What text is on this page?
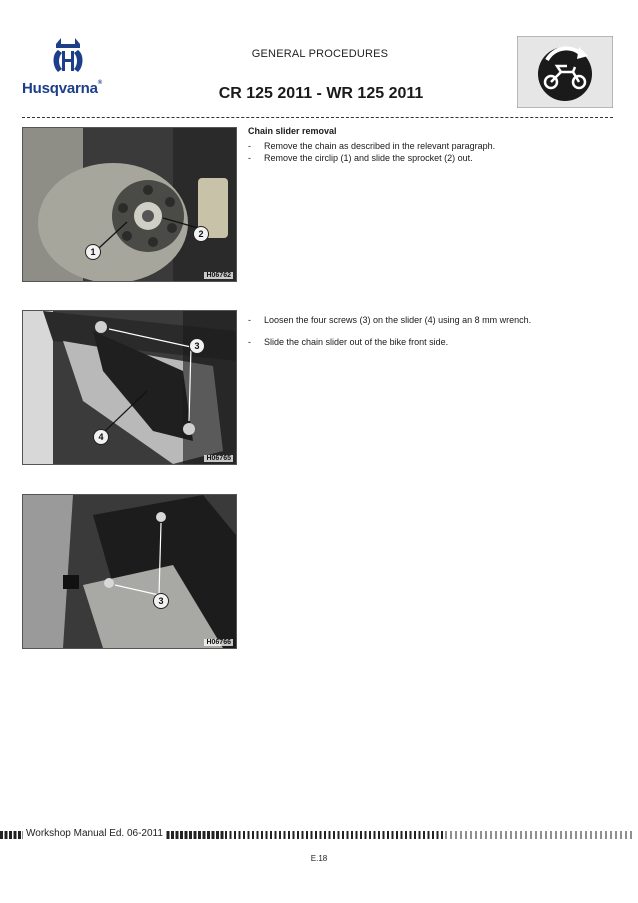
Husqvarna®
GENERAL PROCEDURES
CR 125 2011 - WR 125 2011
1
2
H06762
3
4
H06765
3
H06766
Chain slider removal
- Remove the chain as described in the relevant paragraph.
- Remove the circlip (1) and slide the sprocket (2) out.
- Loosen the four screws (3) on the slider (4) using an 8 mm wrench.
- Slide the chain slider out of the bike front side.
Workshop Manual Ed. 06-2011
E.18
